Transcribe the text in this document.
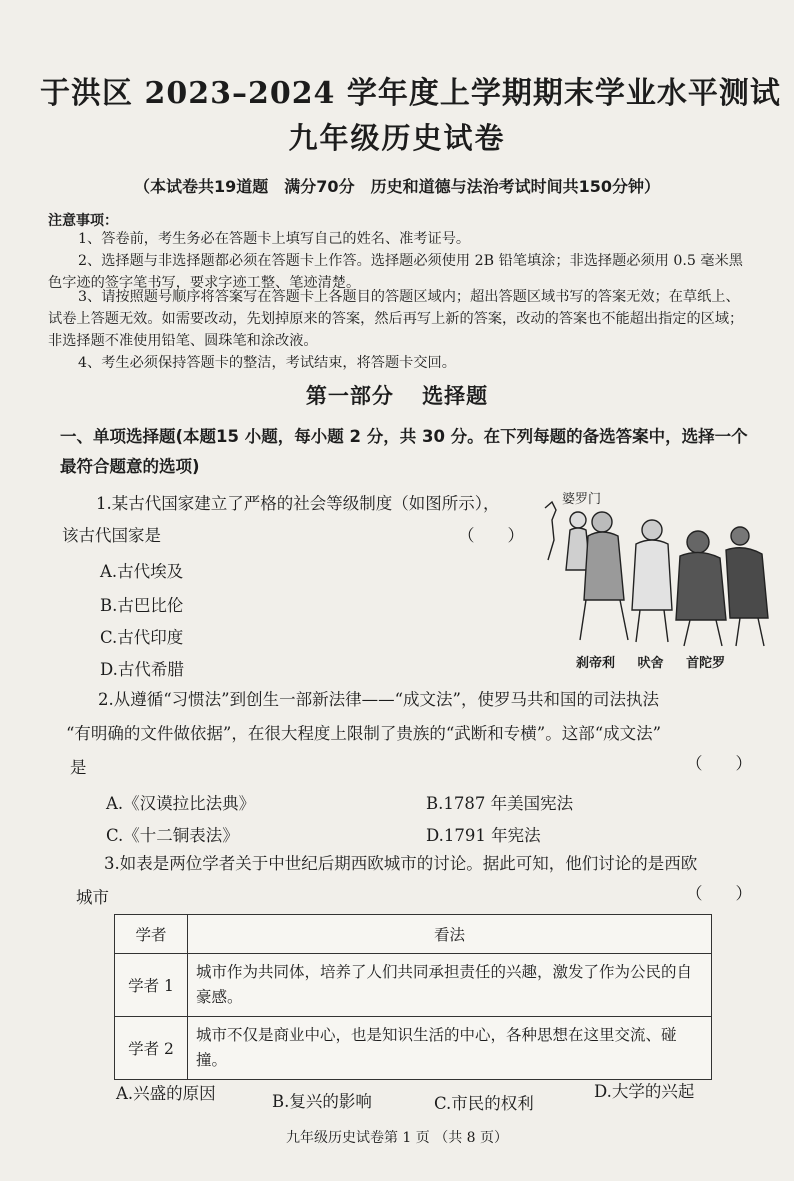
于洪区 2023–2024 学年度上学期期末学业水平测试
九年级历史试卷
（本试卷共19道题　满分70分　历史和道德与法治考试时间共150分钟）
注意事项：
1、答卷前，考生务必在答题卡上填写自己的姓名、准考证号。
2、选择题与非选择题都必须在答题卡上作答。选择题必须使用 2B 铅笔填涂；非选择题必须用 0.5 毫米黑色字迹的签字笔书写，要求字迹工整、笔迹清楚。
3、请按照题号顺序将答案写在答题卡上各题目的答题区域内；超出答题区域书写的答案无效；在草纸上、试卷上答题无效。如需要改动，先划掉原来的答案，然后再写上新的答案，改动的答案也不能超出指定的区域；非选择题不准使用铅笔、圆珠笔和涂改液。
4、考生必须保持答题卡的整洁，考试结束，将答题卡交回。
第一部分 选择题
一、单项选择题(本题15 小题，每小题 2 分，共 30 分。在下列每题的备选答案中，选择一个最符合题意的选项)
1.某古代国家建立了严格的社会等级制度（如图所示），
该古代国家是	（　　）
A.古代埃及
B.古巴比伦
C.古代印度
D.古代希腊
婆罗门
刹帝利 吠舍 首陀罗
2.从遵循“习惯法”到创生一部新法律——“成文法”，使罗马共和国的司法执法
“有明确的文件做依据”，在很大程度上限制了贵族的“武断和专横”。这部“成文法”
是	（　　）
A.《汉谟拉比法典》	B.1787 年美国宪法
C.《十二铜表法》	D.1791 年宪法
3.如表是两位学者关于中世纪后期西欧城市的讨论。据此可知，他们讨论的是西欧
城市	（　　）
学者	看法
学者 1	城市作为共同体，培养了人们共同承担责任的兴趣，激发了作为公民的自豪感。
学者 2	城市不仅是商业中心，也是知识生活的中心，各种思想在这里交流、碰撞。
A.兴盛的原因	B.复兴的影响	C.市民的权利
D.大学的兴起
九年级历史试卷第 1 页 （共 8 页）
